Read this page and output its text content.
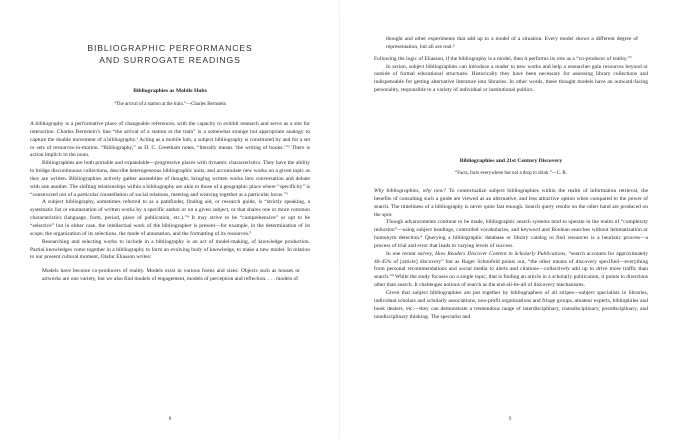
BIBLIOGRAPHIC PERFORMANCES
AND SURROGATE READINGS

Bibliographies as Mobile Hubs

“The arrival of a station at the train.”—Charles Bernstein

A bibliography is a performative place of changeable references, with the capacity to exhibit research and serve as a site for interaction. Charles Bernstein’s line “the arrival of a station at the train” is a somewhat strange but appropriate analogy to capture the double movement of a bibliography.¹ Acting as a mobile hub, a subject bibliography is constituted by and for a set or sets of resources-in-motion. “Bibliography,” as D. C. Greetham notes, “literally means ‘the writing of books.’”² There is action implicit in the noun.

Bibliographies are both portable and expandable—progressive places with dynamic characteristics. They have the ability to bridge discontinuous collections, describe heterogeneous bibliographic units, and accumulate new works on a given topic as they are written. Bibliographies actively gather assemblies of thought, bringing written works into conversation and debate with one another. The shifting relationships within a bibliography are akin to those of a geographic place where “specificity” is “constructed out of a particular constellation of social relations, meeting and weaving together at a particular locus.”³

A subject bibliography, sometimes referred to as a pathfinder, finding aid, or research guide, is “strictly speaking, a systematic list or enumeration of written works by a specific author or on a given subject, or that shares one or more common characteristics (language, form, period, place of publication, etc.).”⁴ It may strive to be “comprehensive” or opt to be “selective” but in either case, the intellectual work of the bibliographer is present—for example, in the determination of its scope, the organization of its selections, the mode of annotation, and the formatting of its resources.⁵

Researching and selecting works to include in a bibliography is an act of model-making, of knowledge production. Partial knowledges come together in a bibliography to form an evolving body of knowledge, to make a new model. In relation to our present cultural moment, Olafur Eliasson writes:

Models have become co-producers of reality. Models exist in various forms and sizes: Objects such as houses or artworks are one variety, but we also find models of engagement, models of perception and reflection. . . . models of

8

thought and other experiments that add up to a model of a situation. Every model shows a different degree of representation, but all are real.⁶

Following the logic of Eliasson, if the bibliography is a model, then it performs its role as a “co-producer of reality.”⁷

In action, subject bibliographies can introduce a reader to new works and help a researcher gain resources beyond or outside of formal educational structures. Historically they have been necessary for assessing library collections and indispensable for getting alternative literature into libraries. In other words, these thought models have an outward-facing personality, responsible to a variety of individual or institutional publics.

Bibliographies and 21st Century Discovery

“Facts, facts everywhere but not a drop to drink.”—C. B.

Why bibliographies, why now? To contextualize subject bibliographies within the realm of information retrieval, the benefits of consulting such a guide are viewed as an alternative, and less attractive option when compared to the power of search. The timeliness of a bibliography is never quite fast enough. Search query results on the other hand are produced on the spot.

Though advancements continue to be made, bibliographic search systems tend to operate in the realm of “complexity reduction”—using subject headings, controlled vocabularies, and keyword and Boolean searches without lemmatization or homonym detection.⁸ Querying a bibliographic database or library catalog to find resources is a heuristic process—a process of trial and error that leads to varying levels of success.

In one recent survey, How Readers Discover Content in Scholarly Publications, “search accounts for approximately 40-45% of [article] discovery” but as Roger Schonfeld points out, “the other means of discovery specified—everything from personal recommendations and social media to alerts and citations—collectively add up to drive more traffic than search.”⁹ While the study focuses on a single topic, that is finding an article in a scholarly publication, it points to directions other than search. It challenges notions of search as the end-all-be-all of discovery mechanisms.

Given that subject bibliographies are put together by bibliographers of all stripes—subject specialists in libraries, individual scholars and scholarly associations, non-profit organizations and fringe groups, amateur experts, bibliophiles and book dealers, etc.—they can demonstrate a tremendous range of interdisciplinary, transdisciplinary, postdisciplinary, and nondisciplinary thinking. The specialist and

9
